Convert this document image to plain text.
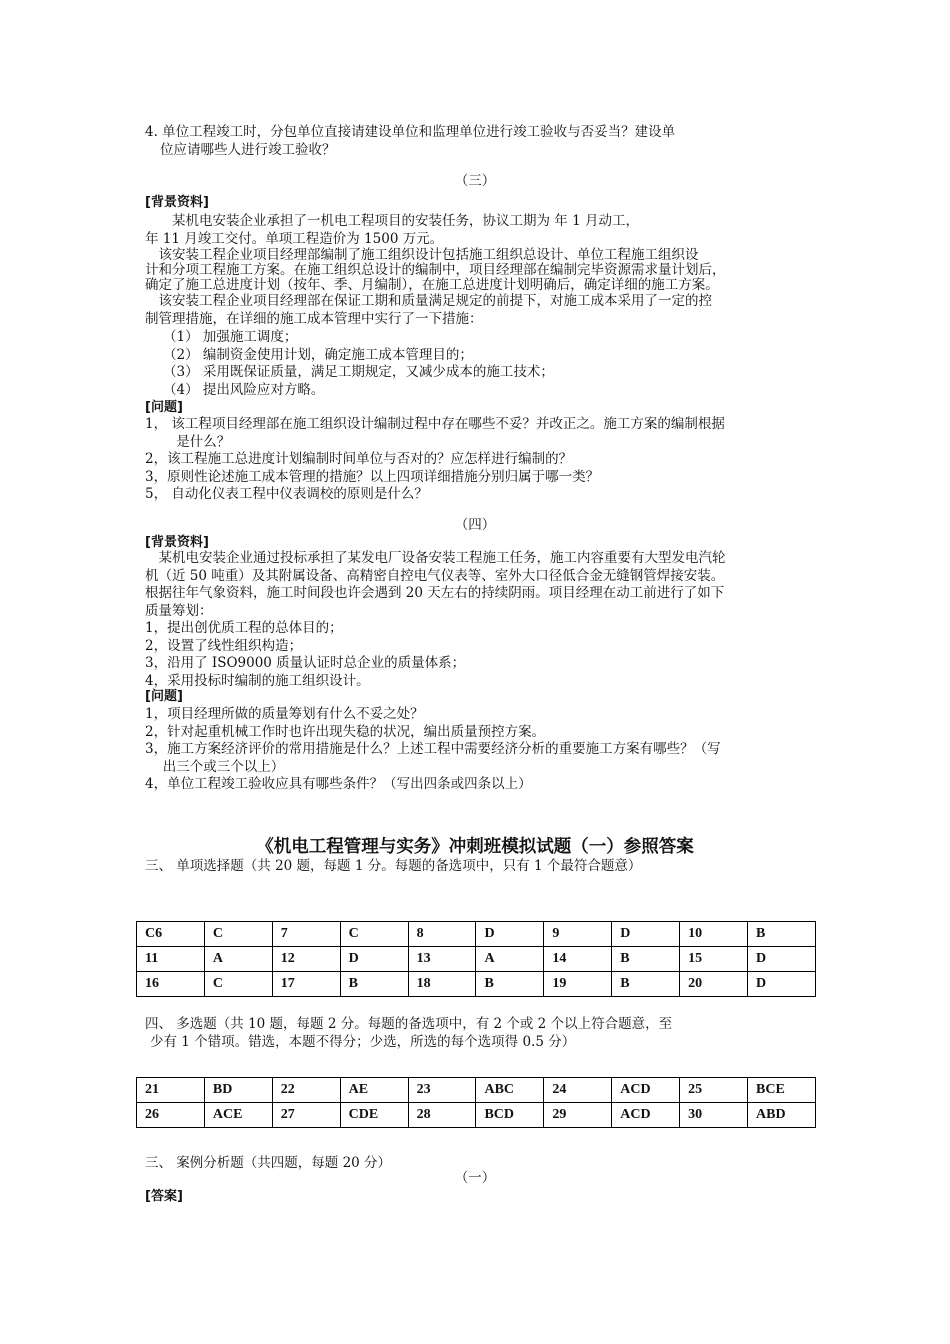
4. 单位工程竣工时，分包单位直接请建设单位和监理单位进行竣工验收与否妥当？建设单
位应请哪些人进行竣工验收？
（三）
[背景资料]
　　某机电安装企业承担了一机电工程项目的安装任务，协议工期为 年 1 月动工，
年 11 月竣工交付。单项工程造价为 1500 万元。
　该安装工程企业项目经理部编制了施工组织设计包括施工组织总设计、单位工程施工组织设
计和分项工程施工方案。在施工组织总设计的编制中，项目经理部在编制完毕资源需求量计划后，
确定了施工总进度计划（按年、季、月编制），在施工总进度计划明确后，确定详细的施工方案。
　该安装工程企业项目经理部在保证工期和质量满足规定的前提下，对施工成本采用了一定的控
制管理措施，在详细的施工成本管理中实行了一下措施：
（1） 加强施工调度；
（2） 编制资金使用计划，确定施工成本管理目的；
（3） 采用既保证质量，满足工期规定，又减少成本的施工技术；
（4） 提出风险应对方略。
[问题]
1， 该工程项目经理部在施工组织设计编制过程中存在哪些不妥？并改正之。施工方案的编制根据
　　 是什么？
2，该工程施工总进度计划编制时间单位与否对的？应怎样进行编制的？
3，原则性论述施工成本管理的措施？以上四项详细措施分别归属于哪一类？
5， 自动化仪表工程中仪表调校的原则是什么？
（四）
[背景资料]
　某机电安装企业通过投标承担了某发电厂设备安装工程施工任务，施工内容重要有大型发电汽轮
机（近 50 吨重）及其附属设备、高精密自控电气仪表等、室外大口径低合金无缝钢管焊接安装。
根据往年气象资料，施工时间段也许会遇到 20 天左右的持续阴雨。项目经理在动工前进行了如下
质量筹划：
1，提出创优质工程的总体目的；
2，设置了线性组织构造；
3，沿用了 ISO9000 质量认证时总企业的质量体系；
4，采用投标时编制的施工组织设计。
[问题]
1，项目经理所做的质量筹划有什么不妥之处？
2，针对起重机械工作时也许出现失稳的状况，编出质量预控方案。
3，施工方案经济评价的常用措施是什么？上述工程中需要经济分析的重要施工方案有哪些？（写
　 出三个或三个以上）
4，单位工程竣工验收应具有哪些条件？（写出四条或四条以上）
《机电工程管理与实务》冲刺班模拟试题（一）参照答案
三、 单项选择题（共 20 题，每题 1 分。每题的备选项中，只有 1 个最符合题意）
C6	C	7	C	8	D	9	D	10	B
11	A	12	D	13	A	14	B	15	D
16	C	17	B	18	B	19	B	20	D
四、 多选题（共 10 题，每题 2 分。每题的备选项中，有 2 个或 2 个以上符合题意，至
少有 1 个错项。错选，本题不得分；少选，所选的每个选项得 0.5 分）
21	BD	22	AE	23	ABC	24	ACD	25	BCE
26	ACE	27	CDE	28	BCD	29	ACD	30	ABD
三、 案例分析题（共四题，每题 20 分）
（一）
[答案]
